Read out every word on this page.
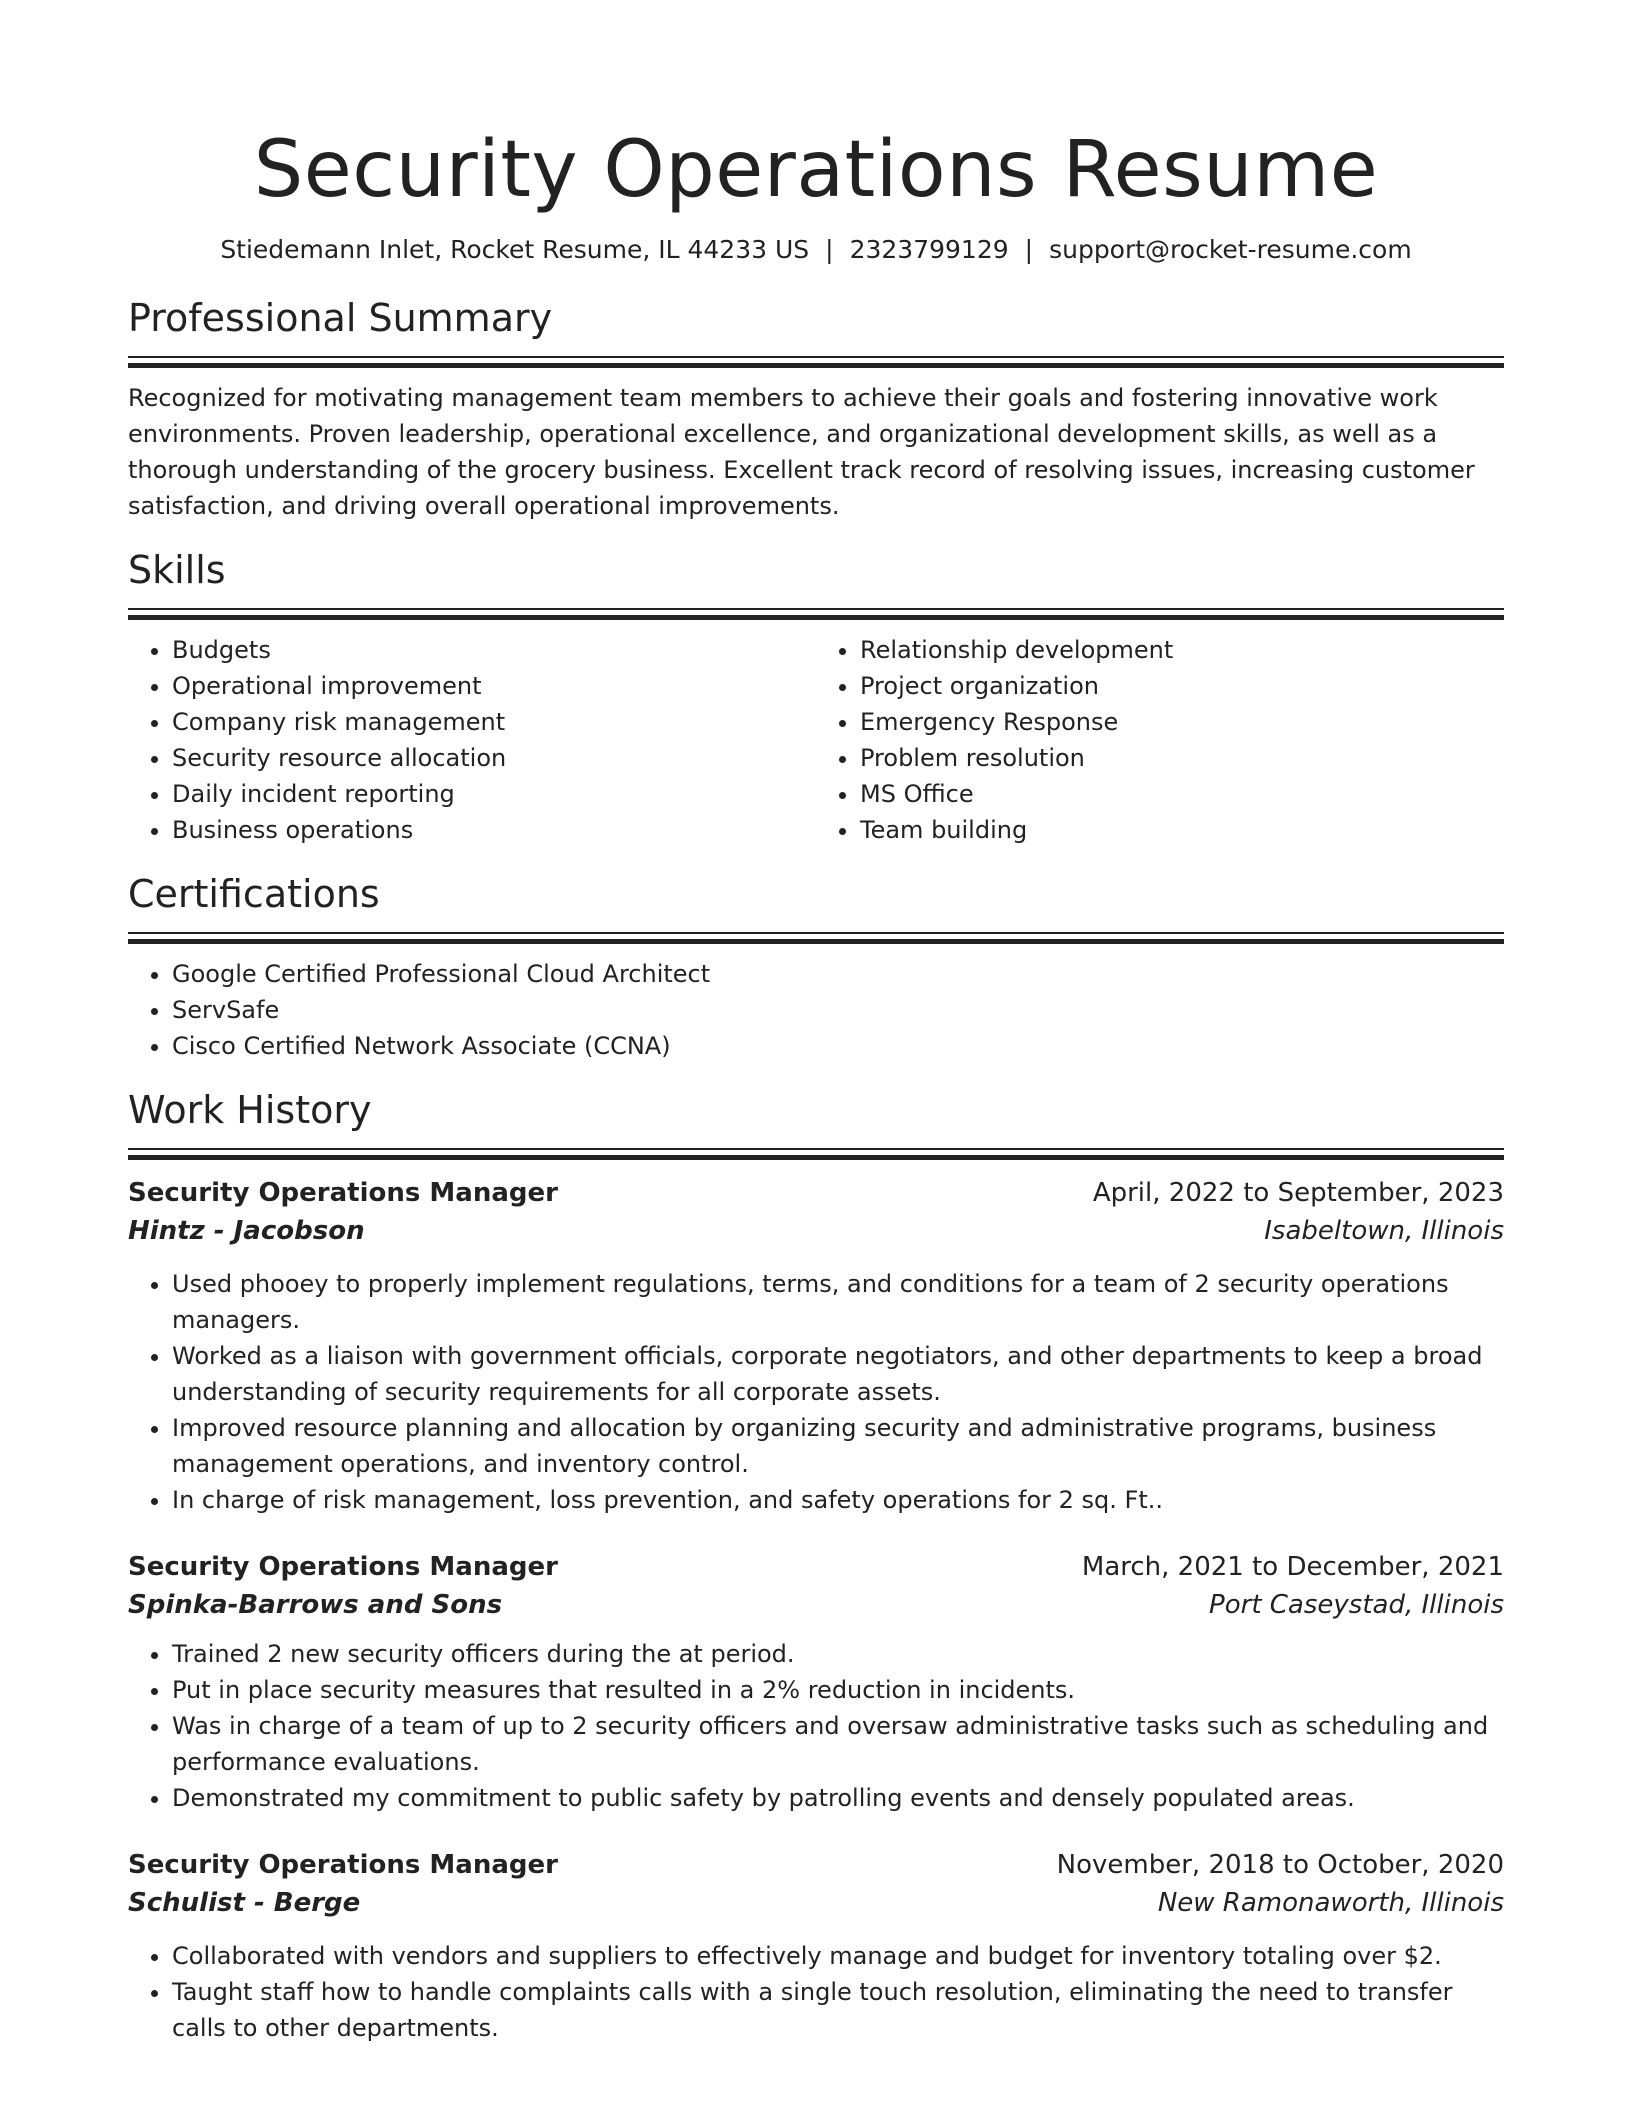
Security Operations Resume
Stiedemann Inlet, Rocket Resume, IL 44233 US | 2323799129 | support@rocket-resume.com
Professional Summary

Recognized for motivating management team members to achieve their goals and fostering innovative work environments. Proven leadership, operational excellence, and organizational development skills, as well as a thorough understanding of the grocery business. Excellent track record of resolving issues, increasing customer satisfaction, and driving overall operational improvements.

Skills
• Budgets
• Operational improvement
• Company risk management
• Security resource allocation
• Daily incident reporting
• Business operations
• Relationship development
• Project organization
• Emergency Response
• Problem resolution
• MS Office
• Team building
Certifications
• Google Certified Professional Cloud Architect
• ServSafe
• Cisco Certified Network Associate (CCNA)
Work History
Security Operations Manager	April, 2022 to September, 2023
Hintz - Jacobson	Isabeltown, Illinois
• Used phooey to properly implement regulations, terms, and conditions for a team of 2 security operations managers.
• Worked as a liaison with government officials, corporate negotiators, and other departments to keep a broad understanding of security requirements for all corporate assets.
• Improved resource planning and allocation by organizing security and administrative programs, business management operations, and inventory control.
• In charge of risk management, loss prevention, and safety operations for 2 sq. Ft..
Security Operations Manager	March, 2021 to December, 2021
Spinka-Barrows and Sons	Port Caseystad, Illinois
• Trained 2 new security officers during the at period.
• Put in place security measures that resulted in a 2% reduction in incidents.
• Was in charge of a team of up to 2 security officers and oversaw administrative tasks such as scheduling and performance evaluations.
• Demonstrated my commitment to public safety by patrolling events and densely populated areas.
Security Operations Manager	November, 2018 to October, 2020
Schulist - Berge	New Ramonaworth, Illinois
• Collaborated with vendors and suppliers to effectively manage and budget for inventory totaling over $2.
• Taught staff how to handle complaints calls with a single touch resolution, eliminating the need to transfer calls to other departments.
